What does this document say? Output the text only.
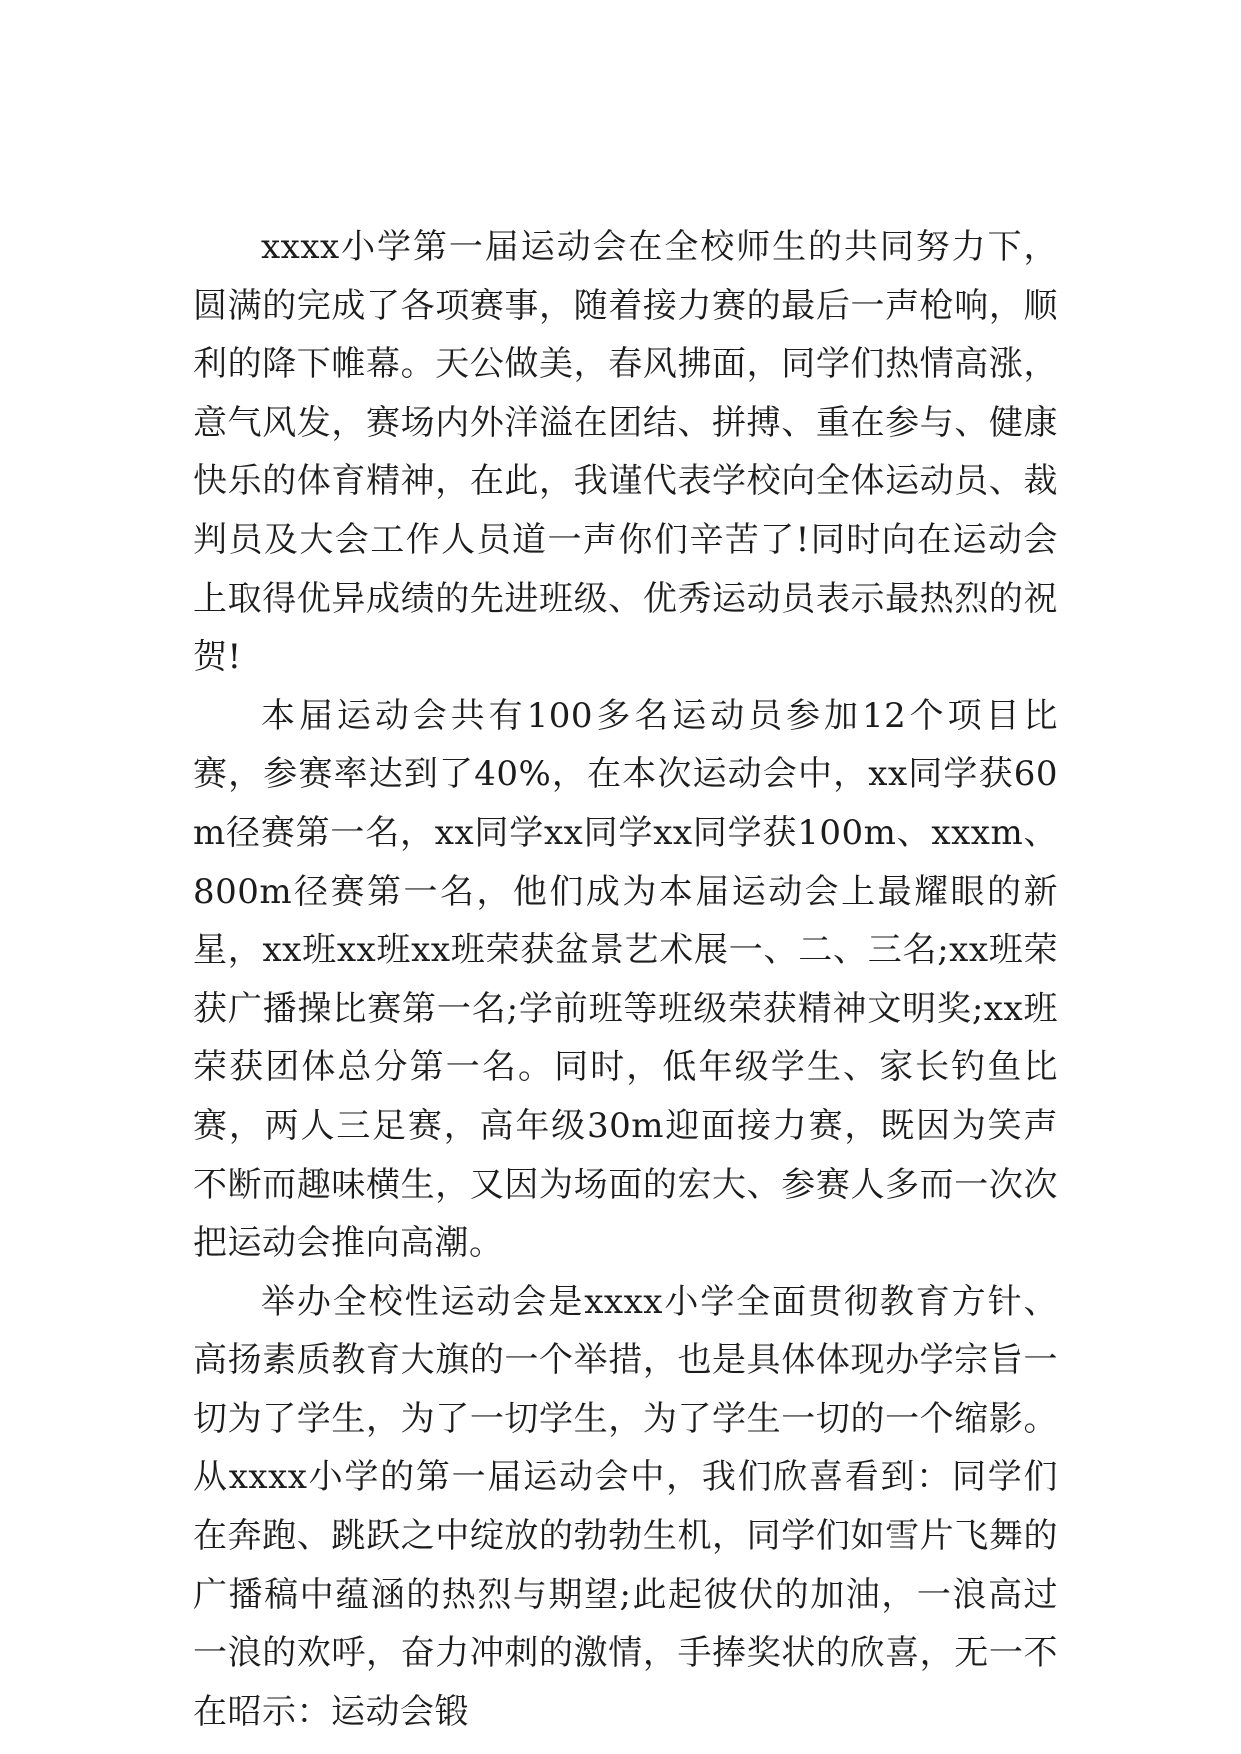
xxxx小学第一届运动会在全校师生的共同努力下，圆满的完成了各项赛事，随着接力赛的最后一声枪响，顺利的降下帷幕。天公做美，春风拂面，同学们热情高涨，意气风发，赛场内外洋溢在团结、拼搏、重在参与、健康快乐的体育精神，在此，我谨代表学校向全体运动员、裁判员及大会工作人员道一声你们辛苦了!同时向在运动会上取得优异成绩的先进班级、优秀运动员表示最热烈的祝贺!

本届运动会共有100多名运动员参加12个项目比赛，参赛率达到了40%，在本次运动会中，xx同学获60m径赛第一名，xx同学xx同学xx同学获100m、xxxm、800m径赛第一名，他们成为本届运动会上最耀眼的新星，xx班xx班xx班荣获盆景艺术展一、二、三名;xx班荣获广播操比赛第一名;学前班等班级荣获精神文明奖;xx班荣获团体总分第一名。同时，低年级学生、家长钓鱼比赛，两人三足赛，高年级30m迎面接力赛，既因为笑声不断而趣味横生，又因为场面的宏大、参赛人多而一次次把运动会推向高潮。

举办全校性运动会是xxxx小学全面贯彻教育方针、高扬素质教育大旗的一个举措，也是具体体现办学宗旨一切为了学生，为了一切学生，为了学生一切的一个缩影。从xxxx小学的第一届运动会中，我们欣喜看到：同学们在奔跑、跳跃之中绽放的勃勃生机，同学们如雪片飞舞的广播稿中蕴涵的热烈与期望;此起彼伏的加油，一浪高过一浪的欢呼，奋力冲刺的激情，手捧奖状的欣喜，无一不在昭示：运动会锻
